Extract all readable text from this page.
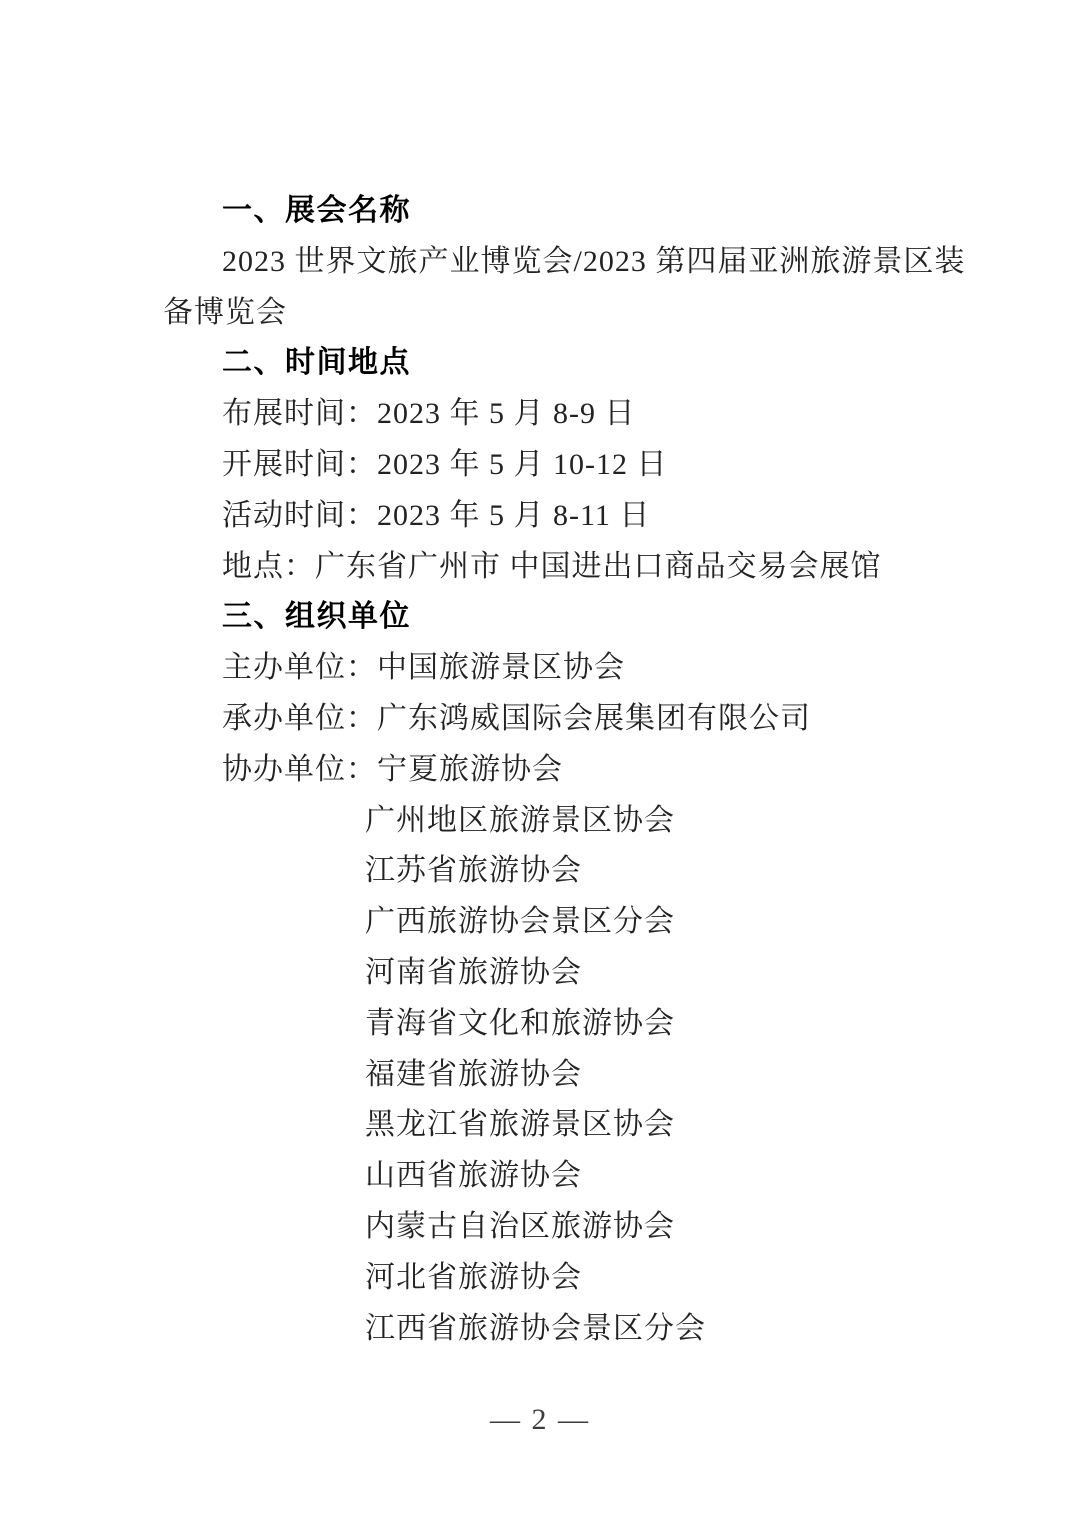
一、展会名称
2023 世界文旅产业博览会/2023 第四届亚洲旅游景区装
备博览会
二、时间地点
布展时间：2023 年 5 月 8-9 日
开展时间：2023 年 5 月 10-12 日
活动时间：2023 年 5 月 8-11 日
地点：广东省广州市 中国进出口商品交易会展馆
三、组织单位
主办单位：中国旅游景区协会
承办单位：广东鸿威国际会展集团有限公司
协办单位：宁夏旅游协会
广州地区旅游景区协会
江苏省旅游协会
广西旅游协会景区分会
河南省旅游协会
青海省文化和旅游协会
福建省旅游协会
黑龙江省旅游景区协会
山西省旅游协会
内蒙古自治区旅游协会
河北省旅游协会
江西省旅游协会景区分会
— 2 —
